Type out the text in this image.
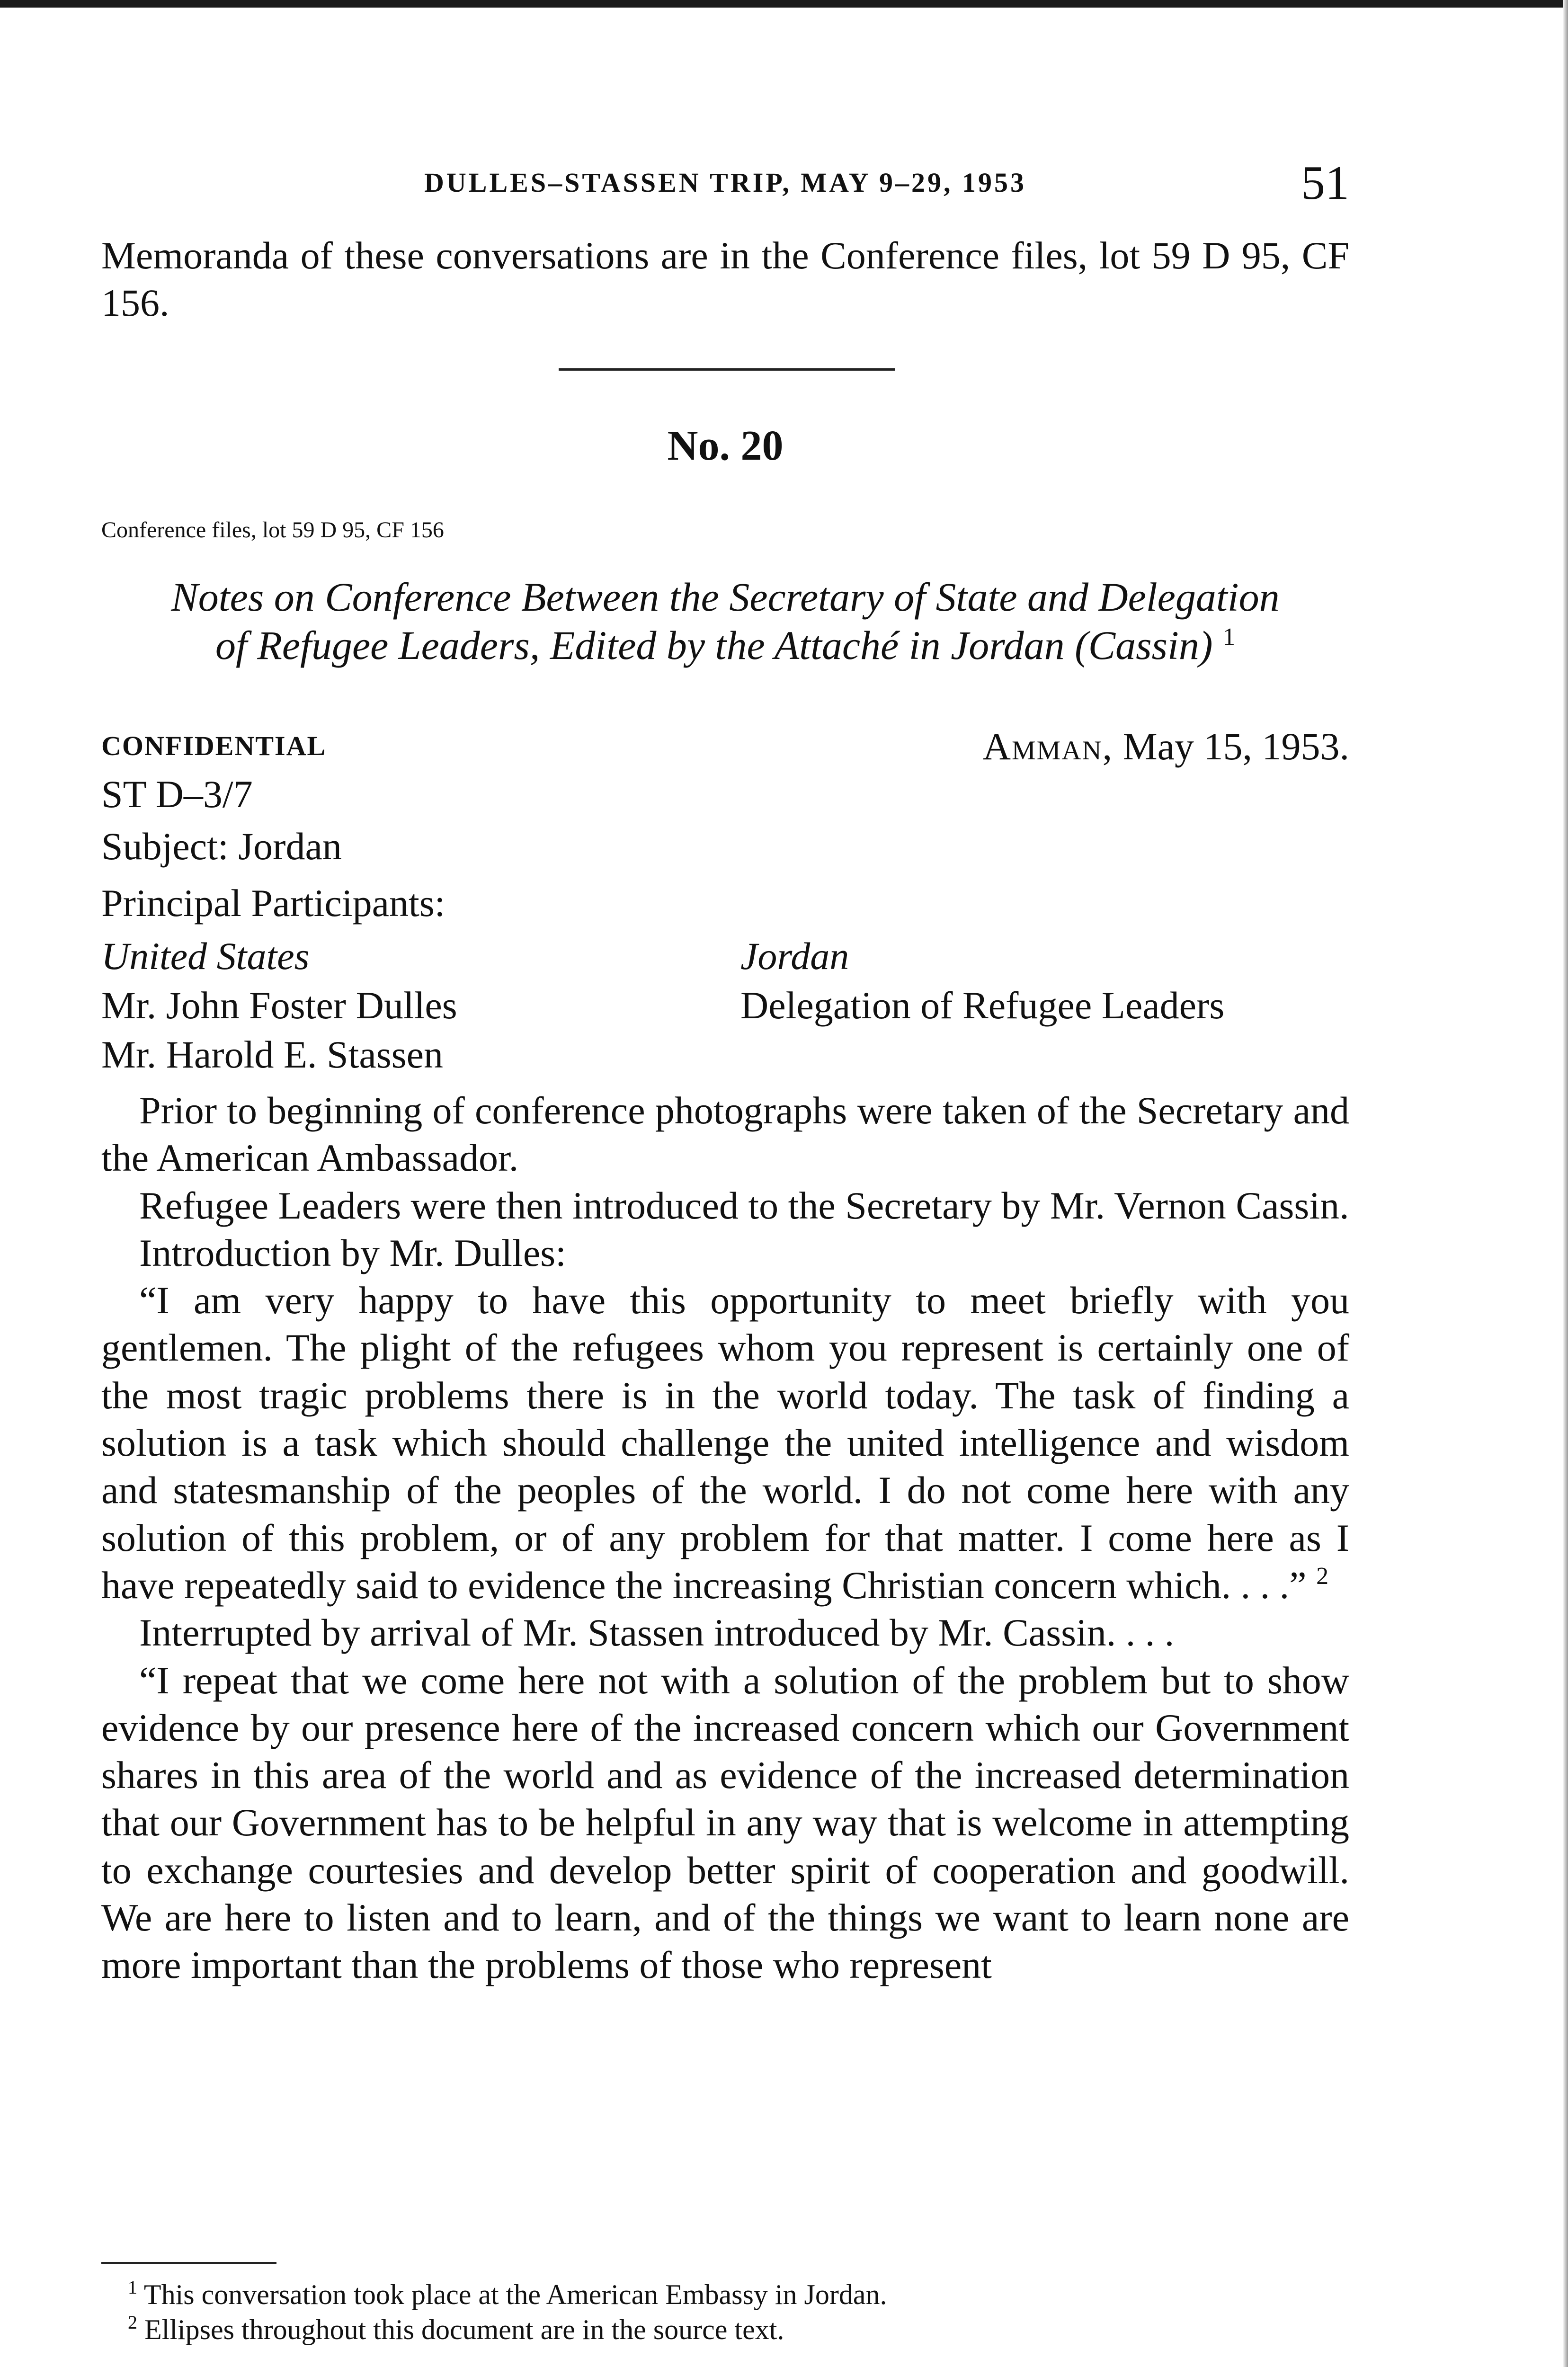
DULLES–STASSEN TRIP, MAY 9–29, 1953	51

Memoranda of these conversations are in the Conference files, lot 59 D 95, CF 156.

No. 20
Conference files, lot 59 D 95, CF 156
Notes on Conference Between the Secretary of State and Delegation
of Refugee Leaders, Edited by the Attaché in Jordan (Cassin) $^1$
CONFIDENTIAL	Amman, May 15, 1953.
ST D–3/7
Subject: Jordan
Principal Participants:
United States
Mr. John Foster Dulles
Mr. Harold E. Stassen
Jordan
Delegation of Refugee Leaders

Prior to beginning of conference photographs were taken of the Secretary and the American Ambassador.

Refugee Leaders were then introduced to the Secretary by Mr. Vernon Cassin.

Introduction by Mr. Dulles:

“I am very happy to have this opportunity to meet briefly with you gentlemen. The plight of the refugees whom you represent is certainly one of the most tragic problems there is in the world today. The task of finding a solution is a task which should challenge the united intelligence and wisdom and statesmanship of the peoples of the world. I do not come here with any solution of this problem, or of any problem for that matter. I come here as I have repeatedly said to evidence the increasing Christian concern which. . . .” $^2$

Interrupted by arrival of Mr. Stassen introduced by Mr. Cassin. . . .

“I repeat that we come here not with a solution of the problem but to show evidence by our presence here of the increased concern which our Government shares in this area of the world and as evidence of the increased determination that our Government has to be helpful in any way that is welcome in attempting to exchange courtesies and develop better spirit of cooperation and goodwill. We are here to listen and to learn, and of the things we want to learn none are more important than the problems of those who represent

$^1$ This conversation took place at the American Embassy in Jordan.

$^2$ Ellipses throughout this document are in the source text.
